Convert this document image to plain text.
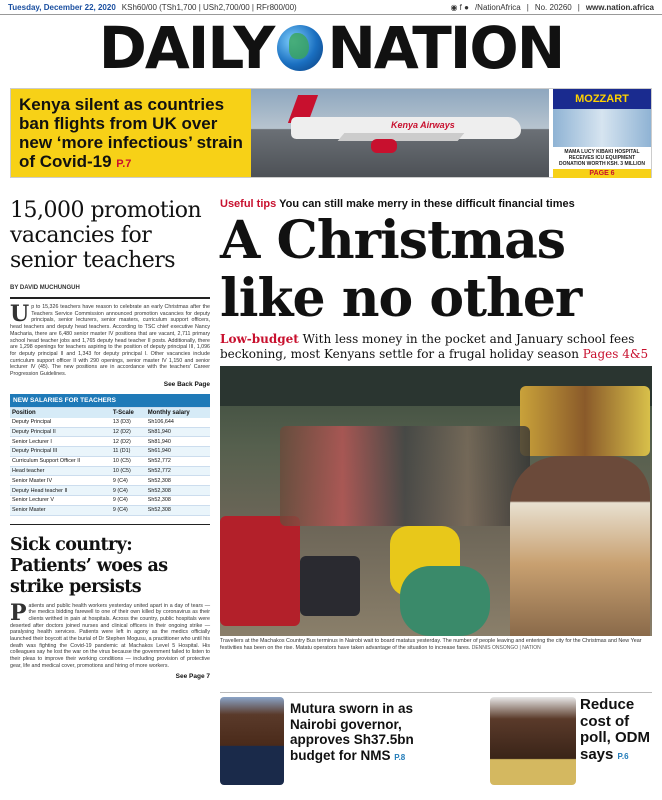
Tuesday, December 22, 2020 KSh60/00 (TSh1,700 | USh2,700/00 | RFr800/00)	◉ f ● /NationAfrica | No. 20260 | www.nation.africa
DAILY NATION
Kenya silent as countries ban flights from UK over new ‘more infectious’ strain of Covid-19 P.7
Kenya Airways
MOZZART
MAMA LUCY KIBAKI HOSPITAL RECEIVES ICU EQUIPMENT DONATION WORTH KSH. 3 MILLION
PAGE 6
15,000 promotion vacancies for senior teachers
BY DAVID MUCHUNGUH
Up to 15,326 teachers have reason to celebrate an early Christmas after the Teachers Service Commission announced promotion vacancies for deputy principals, senior lecturers, senior masters, curriculum support officers, head teachers and deputy head teachers. According to TSC chief executive Nancy Macharia, there are 6,480 senior master IV positions that are vacant, 2,711 primary school head teacher jobs and 1,765 deputy head teacher II posts. Additionally, there are 1,298 openings for teachers aspiring to the position of deputy principal III, 1,096 for deputy principal II and 1,343 for deputy principal I. Other vacancies include curriculum support officer II with 290 openings, senior master IV 1,150 and senior lecturer IV (45). The new positions are in accordance with the teachers' Career Progression Guidelines.
See Back Page
NEW SALARIES FOR TEACHERS		
Position	T-Scale	Monthly salary
Deputy Principal	13 (D3)	Sh106,644
Deputy Principal II	12 (D2)	Sh81,940
Senior Lecturer I	12 (D2)	Sh81,940
Deputy Principal III	11 (D1)	Sh61,940
Curriculum Support Officer II	10 (C5)	Sh52,772
Head teacher	10 (C5)	Sh52,772
Senior Master IV	9 (C4)	Sh52,308
Deputy Head teacher II	9 (C4)	Sh52,308
Senior Lecturer V	9 (C4)	Sh52,308
Senior Master	9 (C4)	Sh52,308
Sick country: Patients’ woes as strike persists
Patients and public health workers yesterday united apart in a day of tears — the medics bidding farewell to one of their own killed by coronavirus as their clients writhed in pain at hospitals. Across the country, public hospitals were deserted after doctors joined nurses and clinical officers in their ongoing strike — paralysing health services. Patients were left in agony as the medics officially launched their boycott at the burial of Dr Stephen Mogusu, a practitioner who until his death was fighting the Covid-19 pandemic at Machakos Level 5 Hospital. His colleagues say he lost the war on the virus because the government failed to listen to their pleas to improve their working conditions — including provision of protective gear, life and medical cover, promotions and hiring of more workers.
See Page 7
Useful tips You can still make merry in these difficult financial times
A Christmas
like no other
Low-budget With less money in the pocket and January school fees beckoning, most Kenyans settle for a frugal holiday season Pages 4&5
Travellers at the Machakos Country Bus terminus in Nairobi wait to board matatus yesterday. The number of people leaving and entering the city for the Christmas and New Year festivities has been on the rise. Matatu operators have taken advantage of the situation to increase fares. DENNIS ONSONGO | NATION
Mutura sworn in as Nairobi governor, approves Sh37.5bn budget for NMS P.8
Reduce cost of poll, ODM says P.6
